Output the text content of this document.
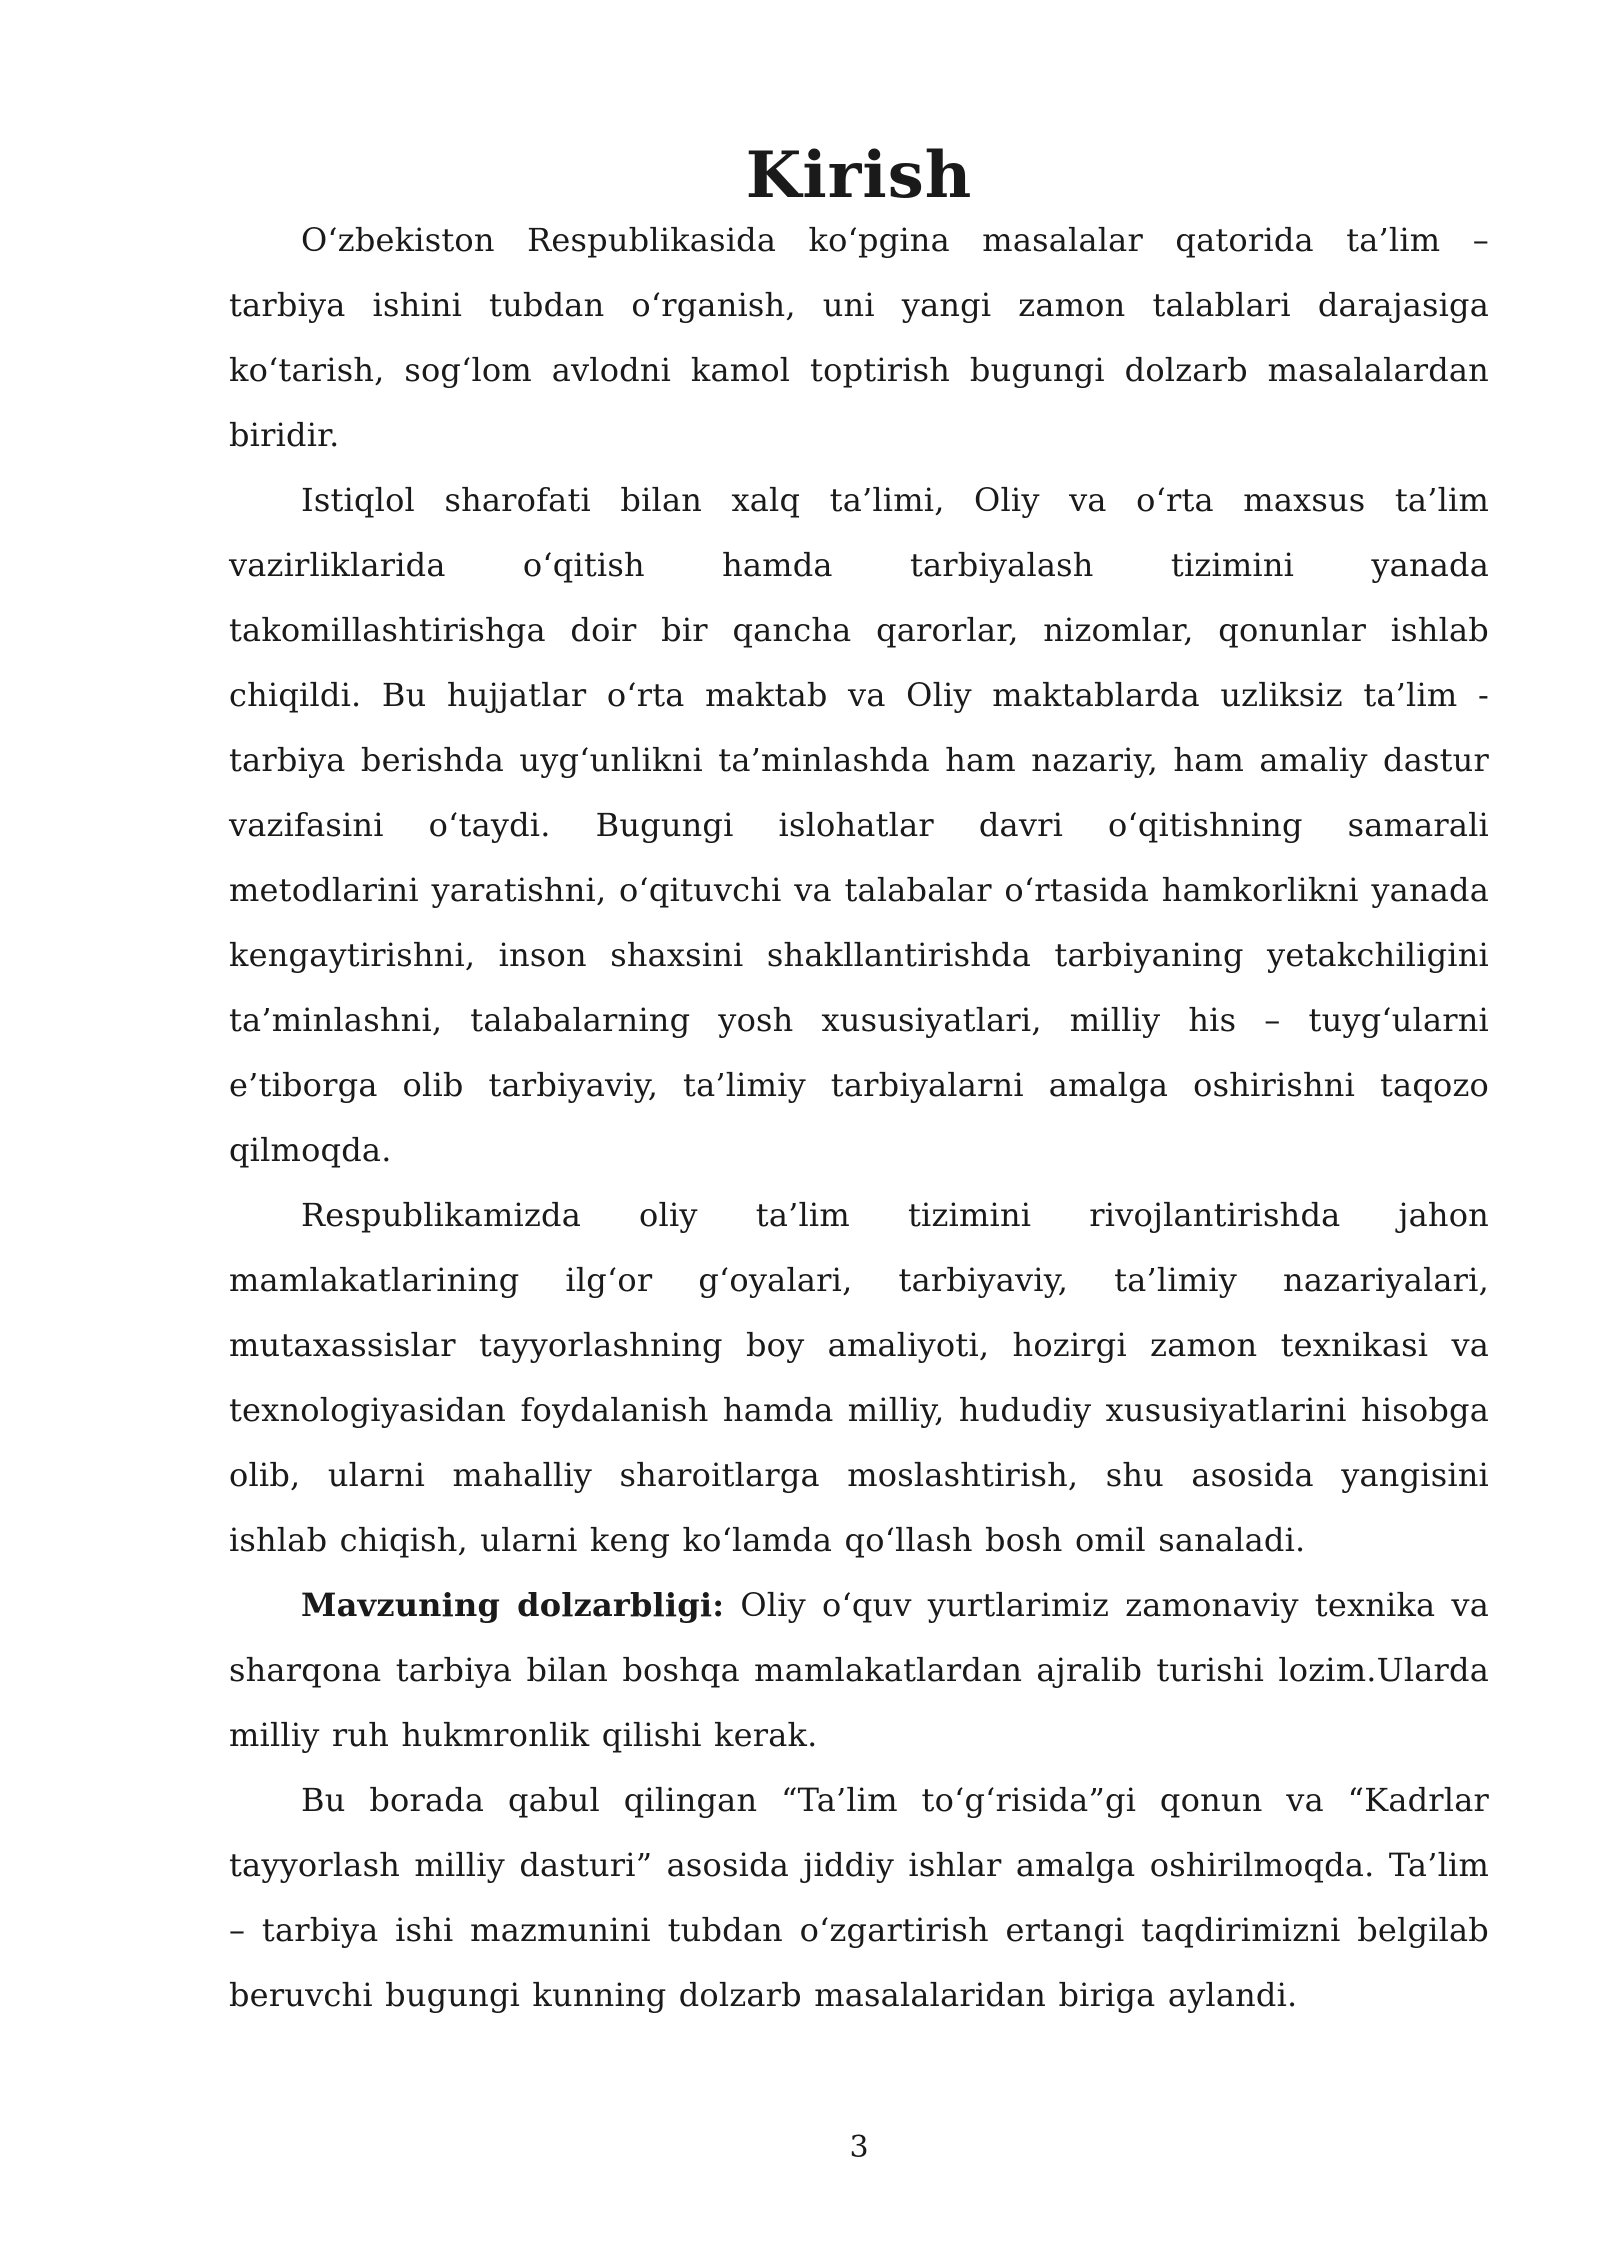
Kirish

O‘zbekiston Respublikasida ko‘pgina masalalar qatorida ta’lim – tarbiya ishini tubdan o‘rganish, uni yangi zamon talablari darajasiga ko‘tarish, sog‘lom avlodni kamol toptirish bugungi dolzarb masalalardan biridir.

Istiqlol sharofati bilan xalq ta’limi, Oliy va o‘rta maxsus ta’lim vazirliklarida o‘qitish hamda tarbiyalash tizimini yanada takomillashtirishga doir bir qancha qarorlar, nizomlar, qonunlar ishlab chiqildi. Bu hujjatlar o‘rta maktab va Oliy maktablarda uzliksiz ta’lim - tarbiya berishda uyg‘unlikni ta’minlashda ham nazariy, ham amaliy dastur vazifasini o‘taydi. Bugungi islohatlar davri o‘qitishning samarali metodlarini yaratishni, o‘qituvchi va talabalar o‘rtasida hamkorlikni yanada kengaytirishni, inson shaxsini shakllantirishda tarbiyaning yetakchiligini ta’minlashni, talabalarning yosh xususiyatlari, milliy his – tuyg‘ularni e’tiborga olib tarbiyaviy, ta’limiy tarbiyalarni amalga oshirishni taqozo qilmoqda.

Respublikamizda oliy ta’lim tizimini rivojlantirishda jahon mamlakatlarining ilg‘or g‘oyalari, tarbiyaviy, ta’limiy nazariyalari, mutaxassislar tayyorlashning boy amaliyoti, hozirgi zamon texnikasi va texnologiyasidan foydalanish hamda milliy, hududiy xususiyatlarini hisobga olib, ularni mahalliy sharoitlarga moslashtirish, shu asosida yangisini ishlab chiqish, ularni keng ko‘lamda qo‘llash bosh omil sanaladi.

Mavzuning dolzarbligi: Oliy o‘quv yurtlarimiz zamonaviy texnika va sharqona tarbiya bilan boshqa mamlakatlardan ajralib turishi lozim.Ularda milliy ruh hukmronlik qilishi kerak.

Bu borada qabul qilingan “Ta’lim to‘g‘risida”gi qonun va “Kadrlar tayyorlash milliy dasturi” asosida jiddiy ishlar amalga oshirilmoqda. Ta’lim – tarbiya ishi mazmunini tubdan o‘zgartirish ertangi taqdirimizni belgilab beruvchi bugungi kunning dolzarb masalalaridan biriga aylandi.

3
